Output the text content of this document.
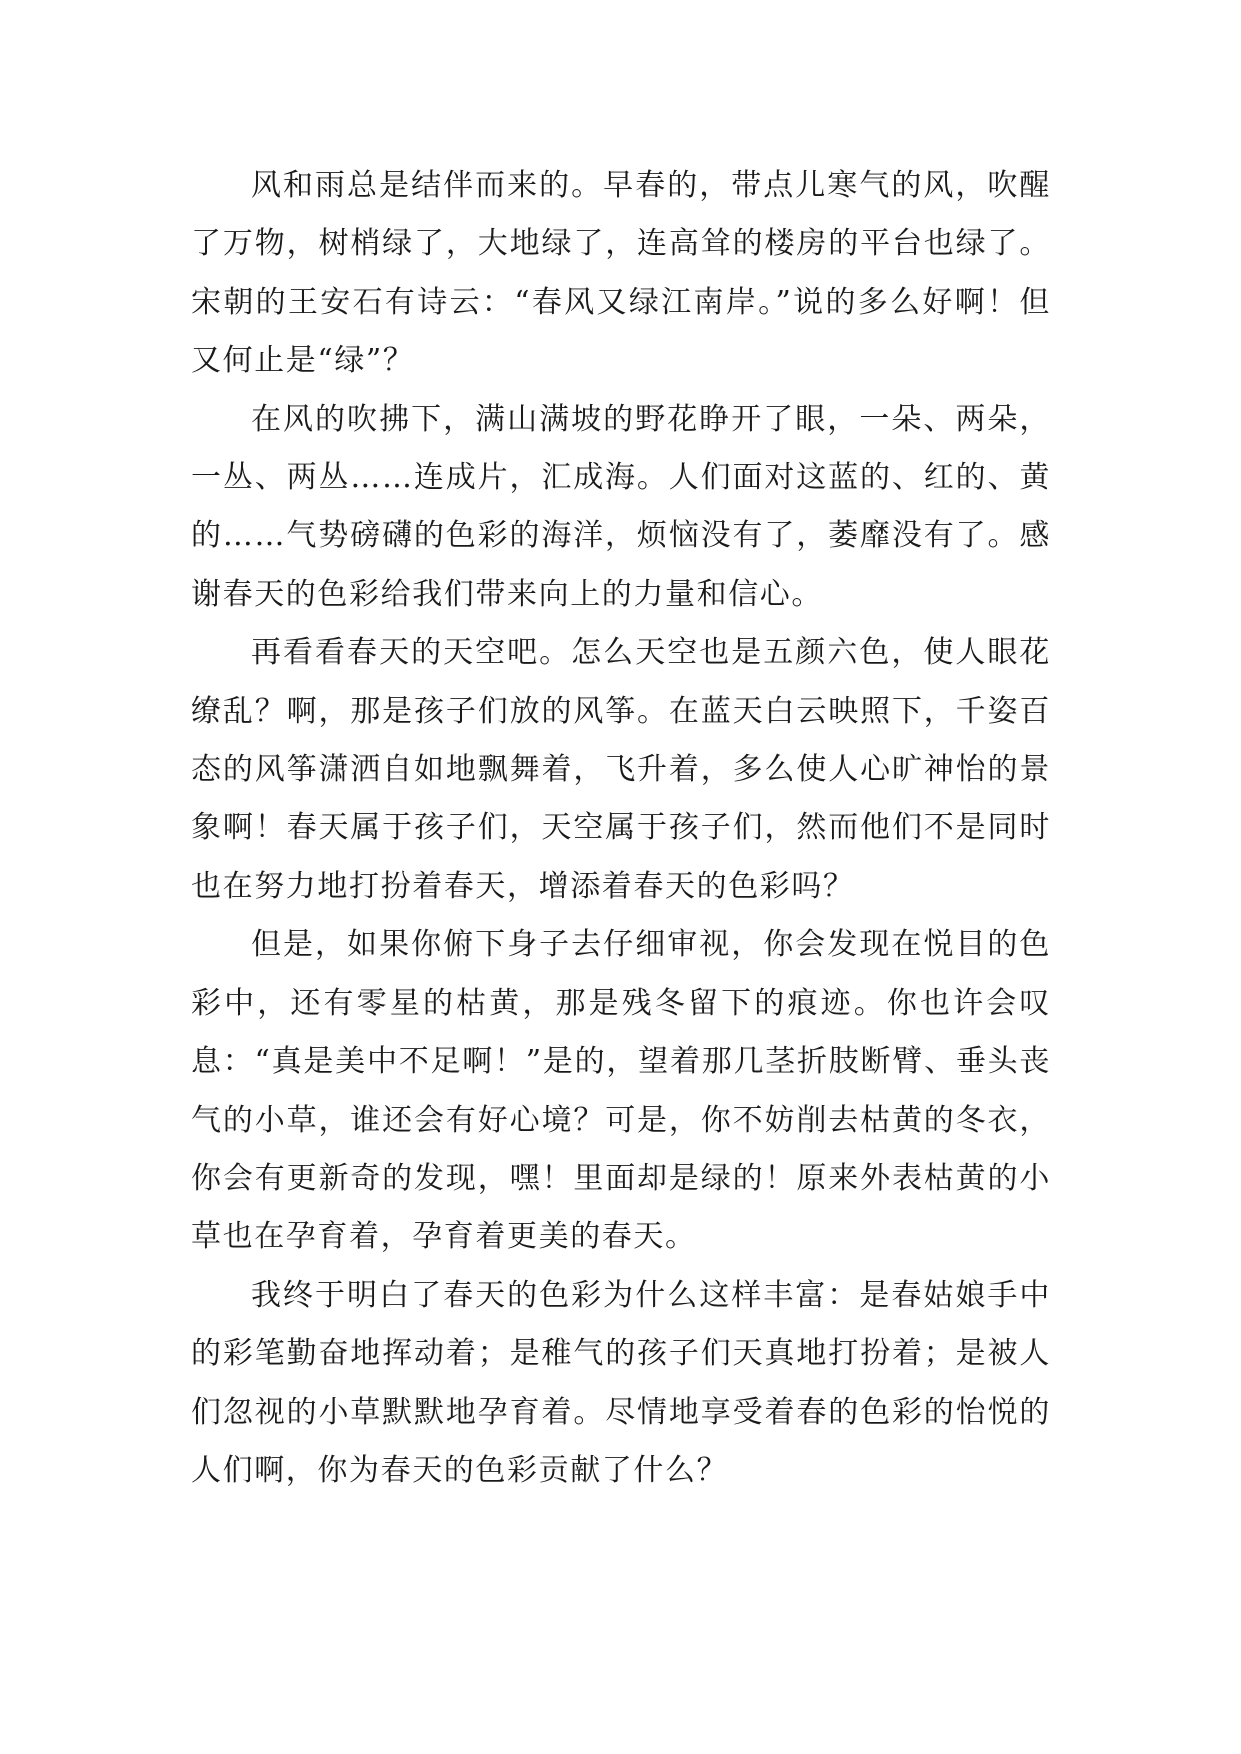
风和雨总是结伴而来的。早春的，带点儿寒气的风，吹醒了万物，树梢绿了，大地绿了，连高耸的楼房的平台也绿了。宋朝的王安石有诗云：“春风又绿江南岸。”说的多么好啊！但又何止是“绿”？

在风的吹拂下，满山满坡的野花睁开了眼，一朵、两朵，一丛、两丛……连成片，汇成海。人们面对这蓝的、红的、黄的……气势磅礴的色彩的海洋，烦恼没有了，萎靡没有了。感谢春天的色彩给我们带来向上的力量和信心。

再看看春天的天空吧。怎么天空也是五颜六色，使人眼花缭乱？啊，那是孩子们放的风筝。在蓝天白云映照下，千姿百态的风筝潇洒自如地飘舞着，飞升着，多么使人心旷神怡的景象啊！春天属于孩子们，天空属于孩子们，然而他们不是同时也在努力地打扮着春天，增添着春天的色彩吗？

但是，如果你俯下身子去仔细审视，你会发现在悦目的色彩中，还有零星的枯黄，那是残冬留下的痕迹。你也许会叹息：“真是美中不足啊！”是的，望着那几茎折肢断臂、垂头丧气的小草，谁还会有好心境？可是，你不妨削去枯黄的冬衣，你会有更新奇的发现，嘿！里面却是绿的！原来外表枯黄的小草也在孕育着，孕育着更美的春天。

我终于明白了春天的色彩为什么这样丰富：是春姑娘手中的彩笔勤奋地挥动着；是稚气的孩子们天真地打扮着；是被人们忽视的小草默默地孕育着。尽情地享受着春的色彩的怡悦的人们啊，你为春天的色彩贡献了什么？
